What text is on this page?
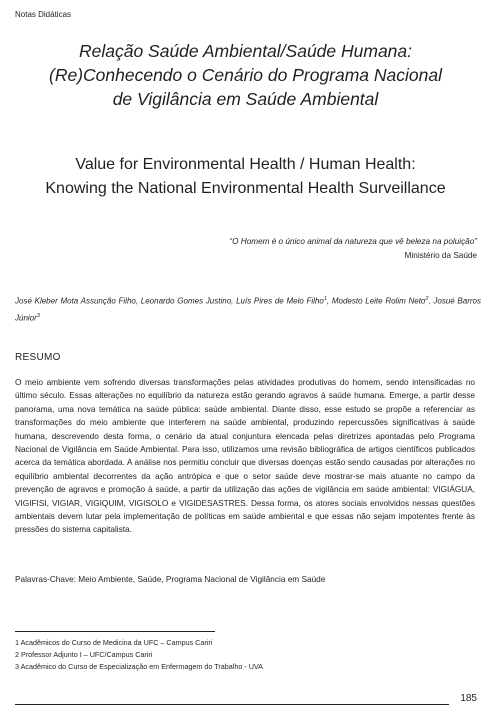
Notas Didáticas
Relação Saúde Ambiental/Saúde Humana:
(Re)Conhecendo o Cenário do Programa Nacional
de Vigilância em Saúde Ambiental
Value for Environmental Health / Human Health:
Knowing the National Environmental Health Surveillance
“O Homem é o único animal da natureza que vê beleza na poluição”
Ministério da Saúde
José Kleber Mota Assunção Filho, Leonardo Gomes Justino, Luís Pires de Melo Filho$^1$, Modesto Leite Rolim Neto$^2$, Josué Barros Júnior$^3$
RESUMO
O meio ambiente vem sofrendo diversas transformações pelas atividades produtivas do homem, sendo intensificadas no último século. Essas alterações no equilíbrio da natureza estão gerando agravos à saúde humana. Emerge, a partir desse panorama, uma nova temática na saúde pública: saúde ambiental. Diante disso, esse estudo se propõe a referenciar as transformações do meio ambiente que interferem na saúde ambiental, produzindo repercussões significativas à saúde humana, descrevendo desta forma, o cenário da atual conjuntura elencada pelas diretrizes apontadas pelo Programa Nacional de Vigilância em Saúde Ambiental. Para isso, utilizamos uma revisão bibliográfica de artigos científicos publicados acerca da temática abordada. A análise nos permitiu concluir que diversas doenças estão sendo causadas por alterações no equilíbrio ambiental decorrentes da ação antrópica e que o setor saúde deve mostrar-se mais atuante no campo da prevenção de agravos e promoção à saúde, a partir da utilização das ações de vigilância em saúde ambiental: VIGIÁGUA, VIGIFISI, VIGIAR, VIGIQUIM, VIGISOLO e VIGIDESASTRES. Dessa forma, os atores sociais envolvidos nessas questões ambientais devem lutar pela implementação de políticas em saúde ambiental e que essas não sejam impotentes frente às pressões do sistema capitalista.
Palavras-Chave: Meio Ambiente, Saúde, Programa Nacional de Vigilância em Saúde
1 Acadêmicos do Curso de Medicina da UFC – Campus Cariri
2 Professor Adjunto I – UFC/Campus Cariri
3 Acadêmico do Curso de Especialização em Enfermagem do Trabalho - UVA
185
